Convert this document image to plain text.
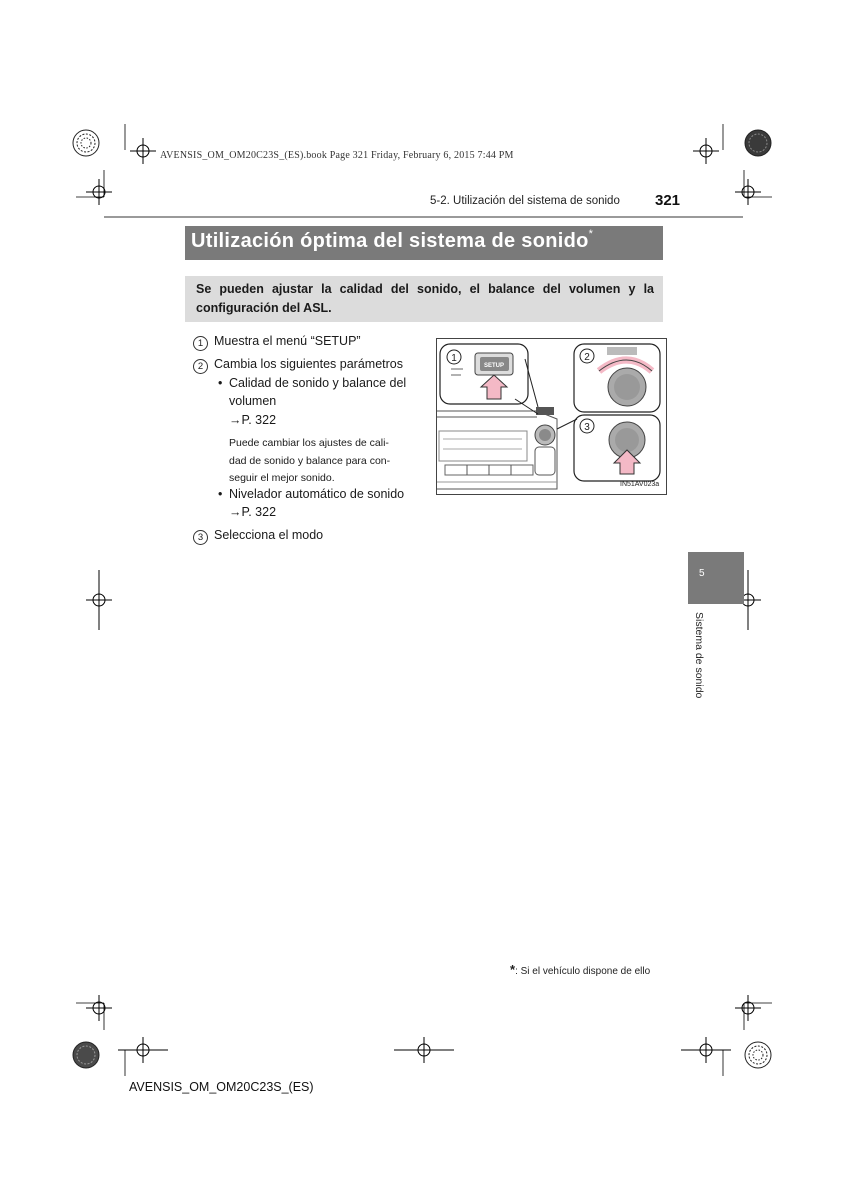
AVENSIS_OM_OM20C23S_(ES).book Page 321 Friday, February 6, 2015 7:44 PM
5-2. Utilización del sistema de sonido 321
Utilización óptima del sistema de sonido*
Se pueden ajustar la calidad del sonido, el balance del volumen y la configuración del ASL.
1 Muestra el menú “SETUP”
2 Cambia los siguientes parámetros
• Calidad de sonido y balance del
volumen
→P. 322
Puede cambiar los ajustes de cali-
dad de sonido y balance para con-
seguir el mejor sonido.
• Nivelador automático de sonido
→P. 322
3 Selecciona el modo
SETUP
1	2
3
IN51AV023a
5
Sistema de sonido
*: Si el vehículo dispone de ello
AVENSIS_OM_OM20C23S_(ES)
